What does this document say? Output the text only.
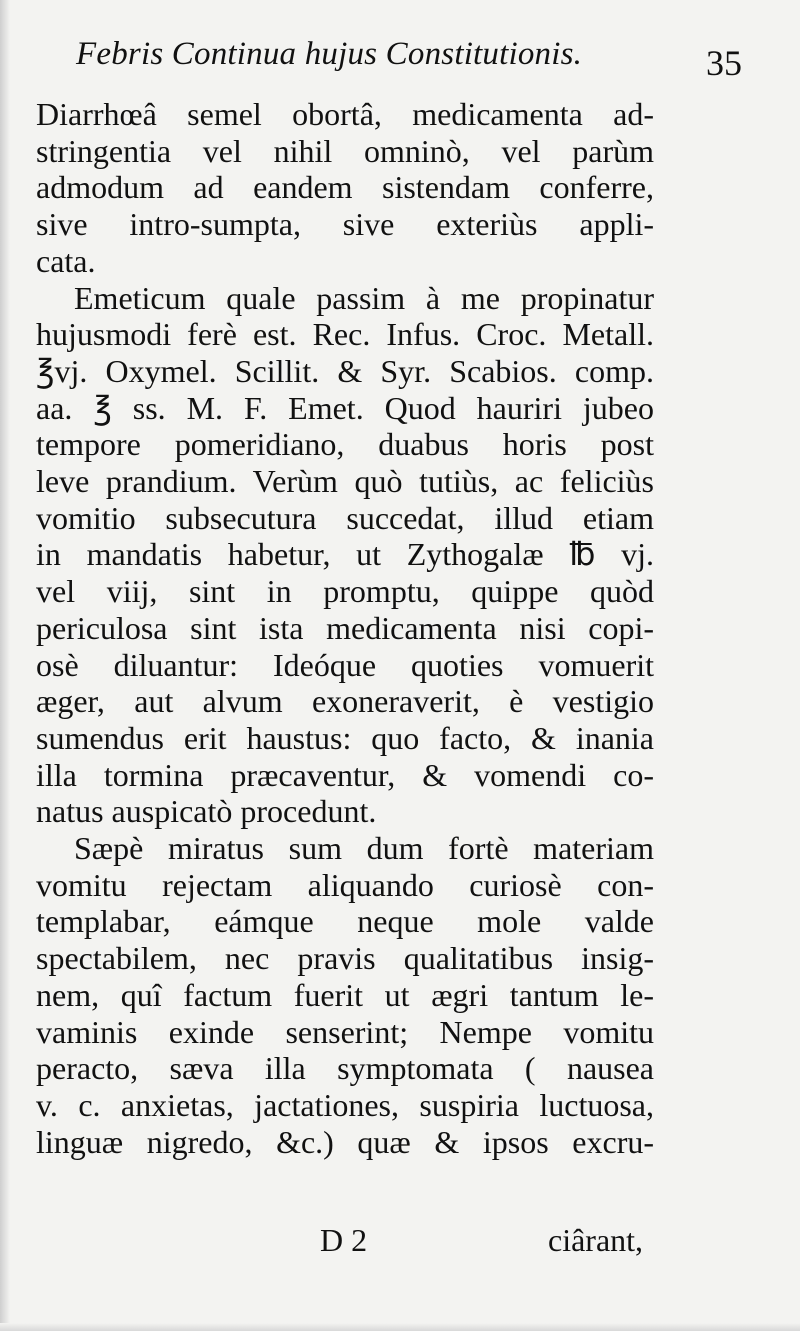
Febris Continua hujus Constitutionis.	35
Diarrhœâ semel obortâ, medicamenta ad-
stringentia vel nihil omninò, vel parùm
admodum ad eandem sistendam conferre,
sive intro-sumpta, sive exteriùs appli-
cata.
Emeticum quale passim à me propinatur
hujusmodi ferè est. Rec. Infus. Croc. Metall.
℥vj. Oxymel. Scillit. & Syr. Scabios. comp.
aa. ℥ ss. M. F. Emet. Quod hauriri jubeo
tempore pomeridiano, duabus horis post
leve prandium. Verùm quò tutiùs, ac feliciùs
vomitio subsecutura succedat, illud etiam
in mandatis habetur, ut Zythogalæ ℔ vj.
vel viij, sint in promptu, quippe quòd
periculosa sint ista medicamenta nisi copi-
osè diluantur: Ideóque quoties vomuerit
æger, aut alvum exoneraverit, è vestigio
sumendus erit haustus: quo facto, & inania
illa tormina præcaventur, & vomendi co-
natus auspicatò procedunt.
Sæpè miratus sum dum fortè materiam
vomitu rejectam aliquando curiosè con-
templabar, eámque neque mole valde
spectabilem, nec pravis qualitatibus insig-
nem, quî factum fuerit ut ægri tantum le-
vaminis exinde senserint; Nempe vomitu
peracto, sæva illa symptomata ( nausea
v. c. anxietas, jactationes, suspiria luctuosa,
linguæ nigredo, &c.) quæ & ipsos excru-
D 2	ciârant,
